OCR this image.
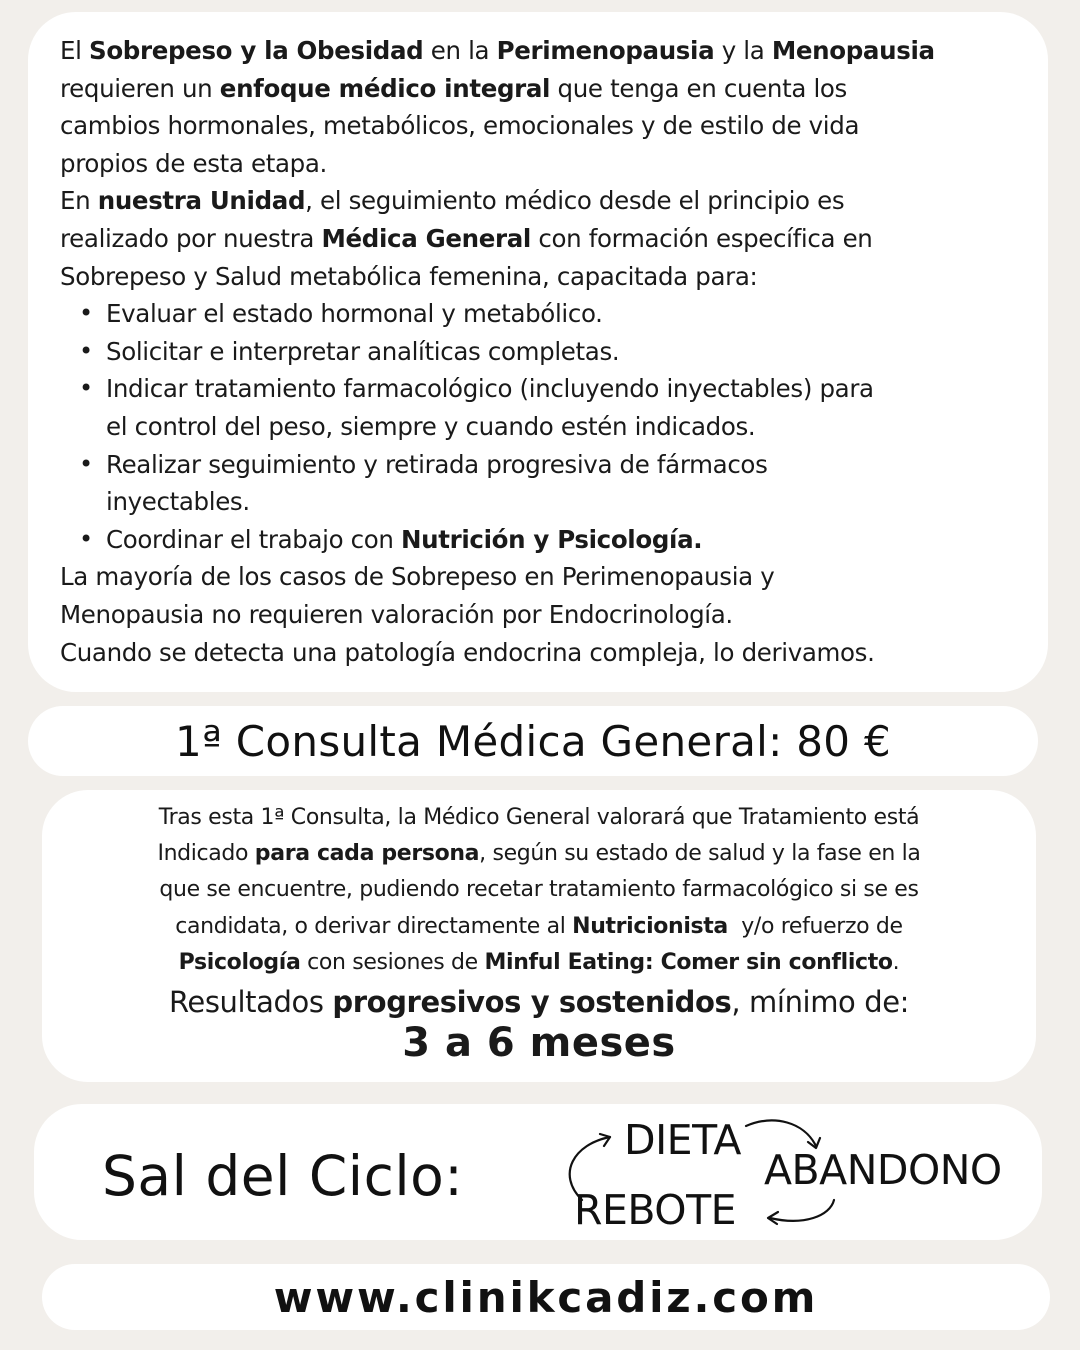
El Sobrepeso y la Obesidad en la Perimenopausia y la Menopausia
requieren un enfoque médico integral que tenga en cuenta los
cambios hormonales, metabólicos, emocionales y de estilo de vida
propios de esta etapa.

En nuestra Unidad, el seguimiento médico desde el principio es
realizado por nuestra Médica General con formación específica en
Sobrepeso y Salud metabólica femenina, capacitada para:

• Evaluar el estado hormonal y metabólico.
• Solicitar e interpretar analíticas completas.
• Indicar tratamiento farmacológico (incluyendo inyectables) para
el control del peso, siempre y cuando estén indicados.
• Realizar seguimiento y retirada progresiva de fármacos
inyectables.
• Coordinar el trabajo con Nutrición y Psicología.

La mayoría de los casos de Sobrepeso en Perimenopausia y
Menopausia no requieren valoración por Endocrinología.
Cuando se detecta una patología endocrina compleja, lo derivamos.

1ª Consulta Médica General: 80 €

Tras esta 1ª Consulta, la Médico General valorará que Tratamiento está
Indicado para cada persona, según su estado de salud y la fase en la
que se encuentre, pudiendo recetar tratamiento farmacológico si se es
candidata, o derivar directamente al Nutricionista  y/o refuerzo de
Psicología con sesiones de Minful Eating: Comer sin conflicto.

Resultados progresivos y sostenidos, mínimo de:

3 a 6 meses

Sal del Ciclo:
DIETA
ABANDONO
REBOTE
www.clinikcadiz.com
